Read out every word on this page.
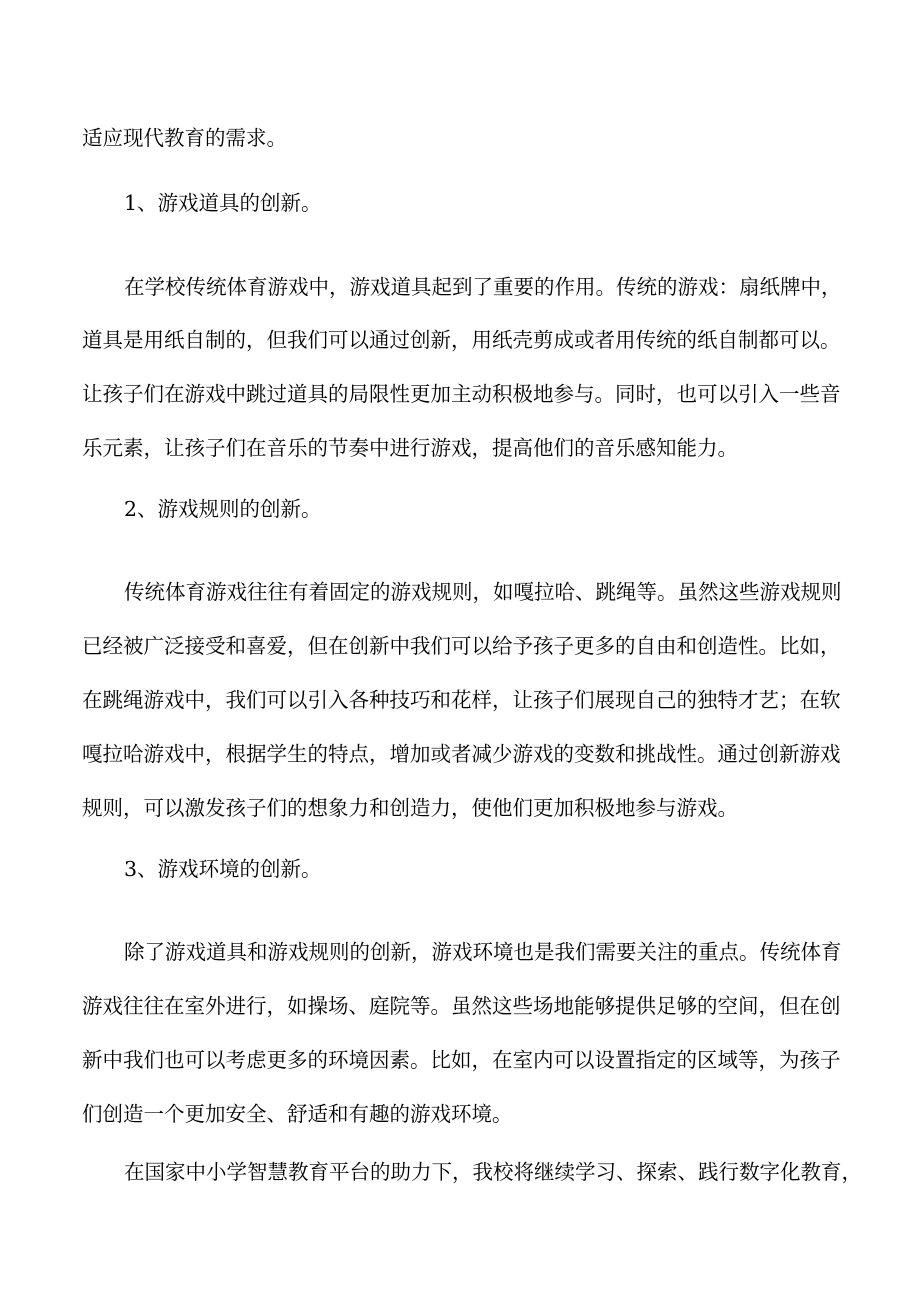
适应现代教育的需求。

1、游戏道具的创新。

在学校传统体育游戏中，游戏道具起到了重要的作用。传统的游戏：扇纸牌中，

道具是用纸自制的，但我们可以通过创新，用纸壳剪成或者用传统的纸自制都可以。

让孩子们在游戏中跳过道具的局限性更加主动积极地参与。同时，也可以引入一些音

乐元素，让孩子们在音乐的节奏中进行游戏，提高他们的音乐感知能力。

2、游戏规则的创新。

传统体育游戏往往有着固定的游戏规则，如嘎拉哈、跳绳等。虽然这些游戏规则

已经被广泛接受和喜爱，但在创新中我们可以给予孩子更多的自由和创造性。比如，

在跳绳游戏中，我们可以引入各种技巧和花样，让孩子们展现自己的独特才艺；在软

嘎拉哈游戏中，根据学生的特点，增加或者减少游戏的变数和挑战性。通过创新游戏

规则，可以激发孩子们的想象力和创造力，使他们更加积极地参与游戏。

3、游戏环境的创新。

除了游戏道具和游戏规则的创新，游戏环境也是我们需要关注的重点。传统体育

游戏往往在室外进行，如操场、庭院等。虽然这些场地能够提供足够的空间，但在创

新中我们也可以考虑更多的环境因素。比如，在室内可以设置指定的区域等，为孩子

们创造一个更加安全、舒适和有趣的游戏环境。

在国家中小学智慧教育平台的助力下，我校将继续学习、探索、践行数字化教育，
